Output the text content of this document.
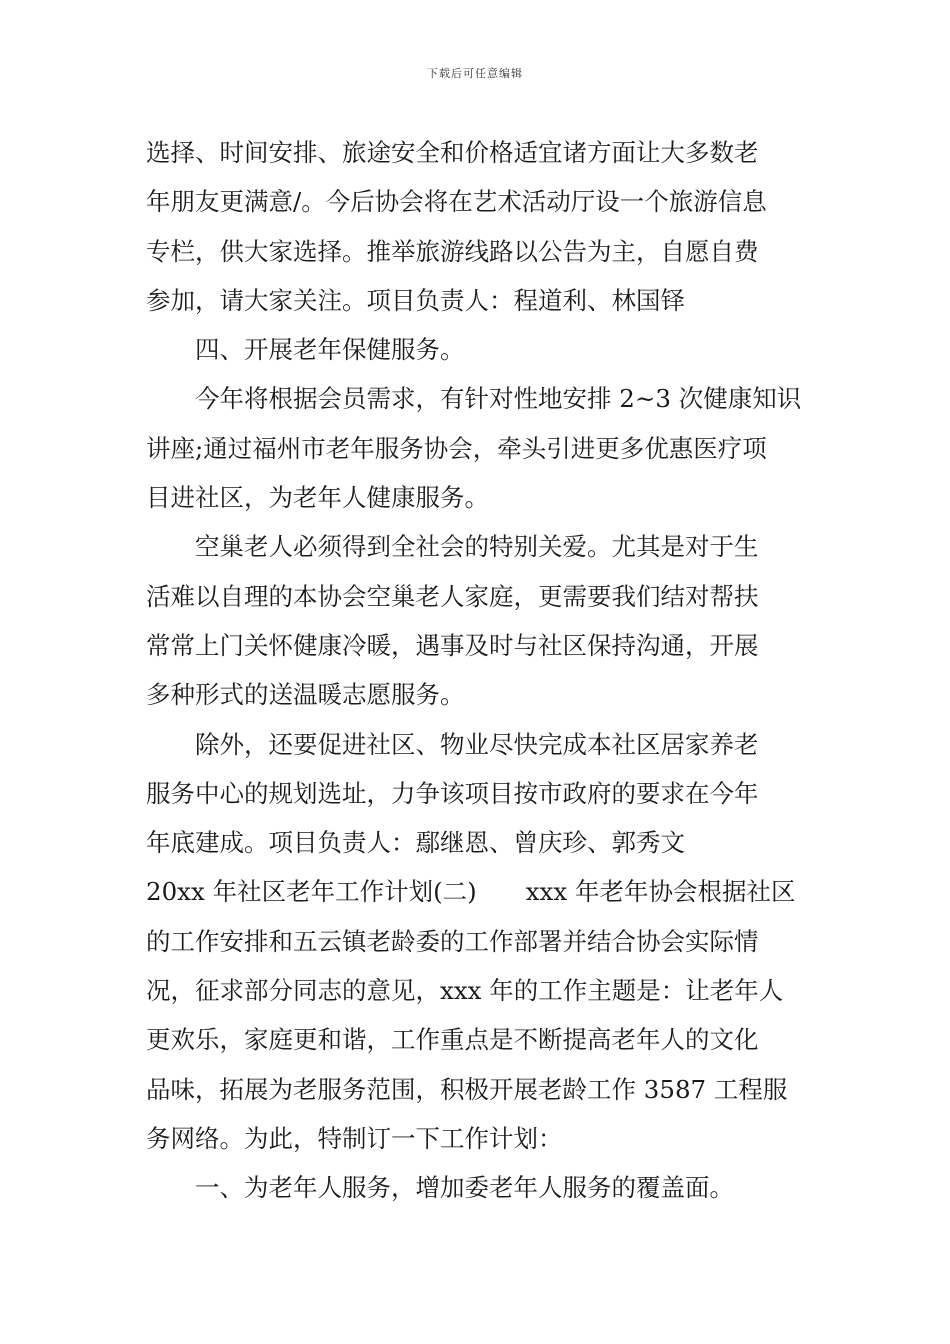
下载后可任意编辑
选择、时间安排、旅途安全和价格适宜诸方面让大多数老
年朋友更满意/。今后协会将在艺术活动厅设一个旅游信息
专栏，供大家选择。推举旅游线路以公告为主，自愿自费
参加，请大家关注。项目负责人：程道利、林国铎
四、开展老年保健服务。
今年将根据会员需求，有针对性地安排 2~3 次健康知识
讲座;通过福州市老年服务协会，牵头引进更多优惠医疗项
目进社区，为老年人健康服务。
空巢老人必须得到全社会的特别关爱。尤其是对于生
活难以自理的本协会空巢老人家庭，更需要我们结对帮扶
常常上门关怀健康冷暖，遇事及时与社区保持沟通，开展
多种形式的送温暖志愿服务。
除外，还要促进社区、物业尽快完成本社区居家养老
服务中心的规划选址，力争该项目按市政府的要求在今年
年底建成。项目负责人：鄢继恩、曾庆珍、郭秀文
20xx 年社区老年工作计划(二)　　xxx 年老年协会根据社区
的工作安排和五云镇老龄委的工作部署并结合协会实际情
况，征求部分同志的意见，xxx 年的工作主题是：让老年人
更欢乐，家庭更和谐，工作重点是不断提高老年人的文化
品味，拓展为老服务范围，积极开展老龄工作 3587 工程服
务网络。为此，特制订一下工作计划：
一、为老年人服务，增加委老年人服务的覆盖面。
